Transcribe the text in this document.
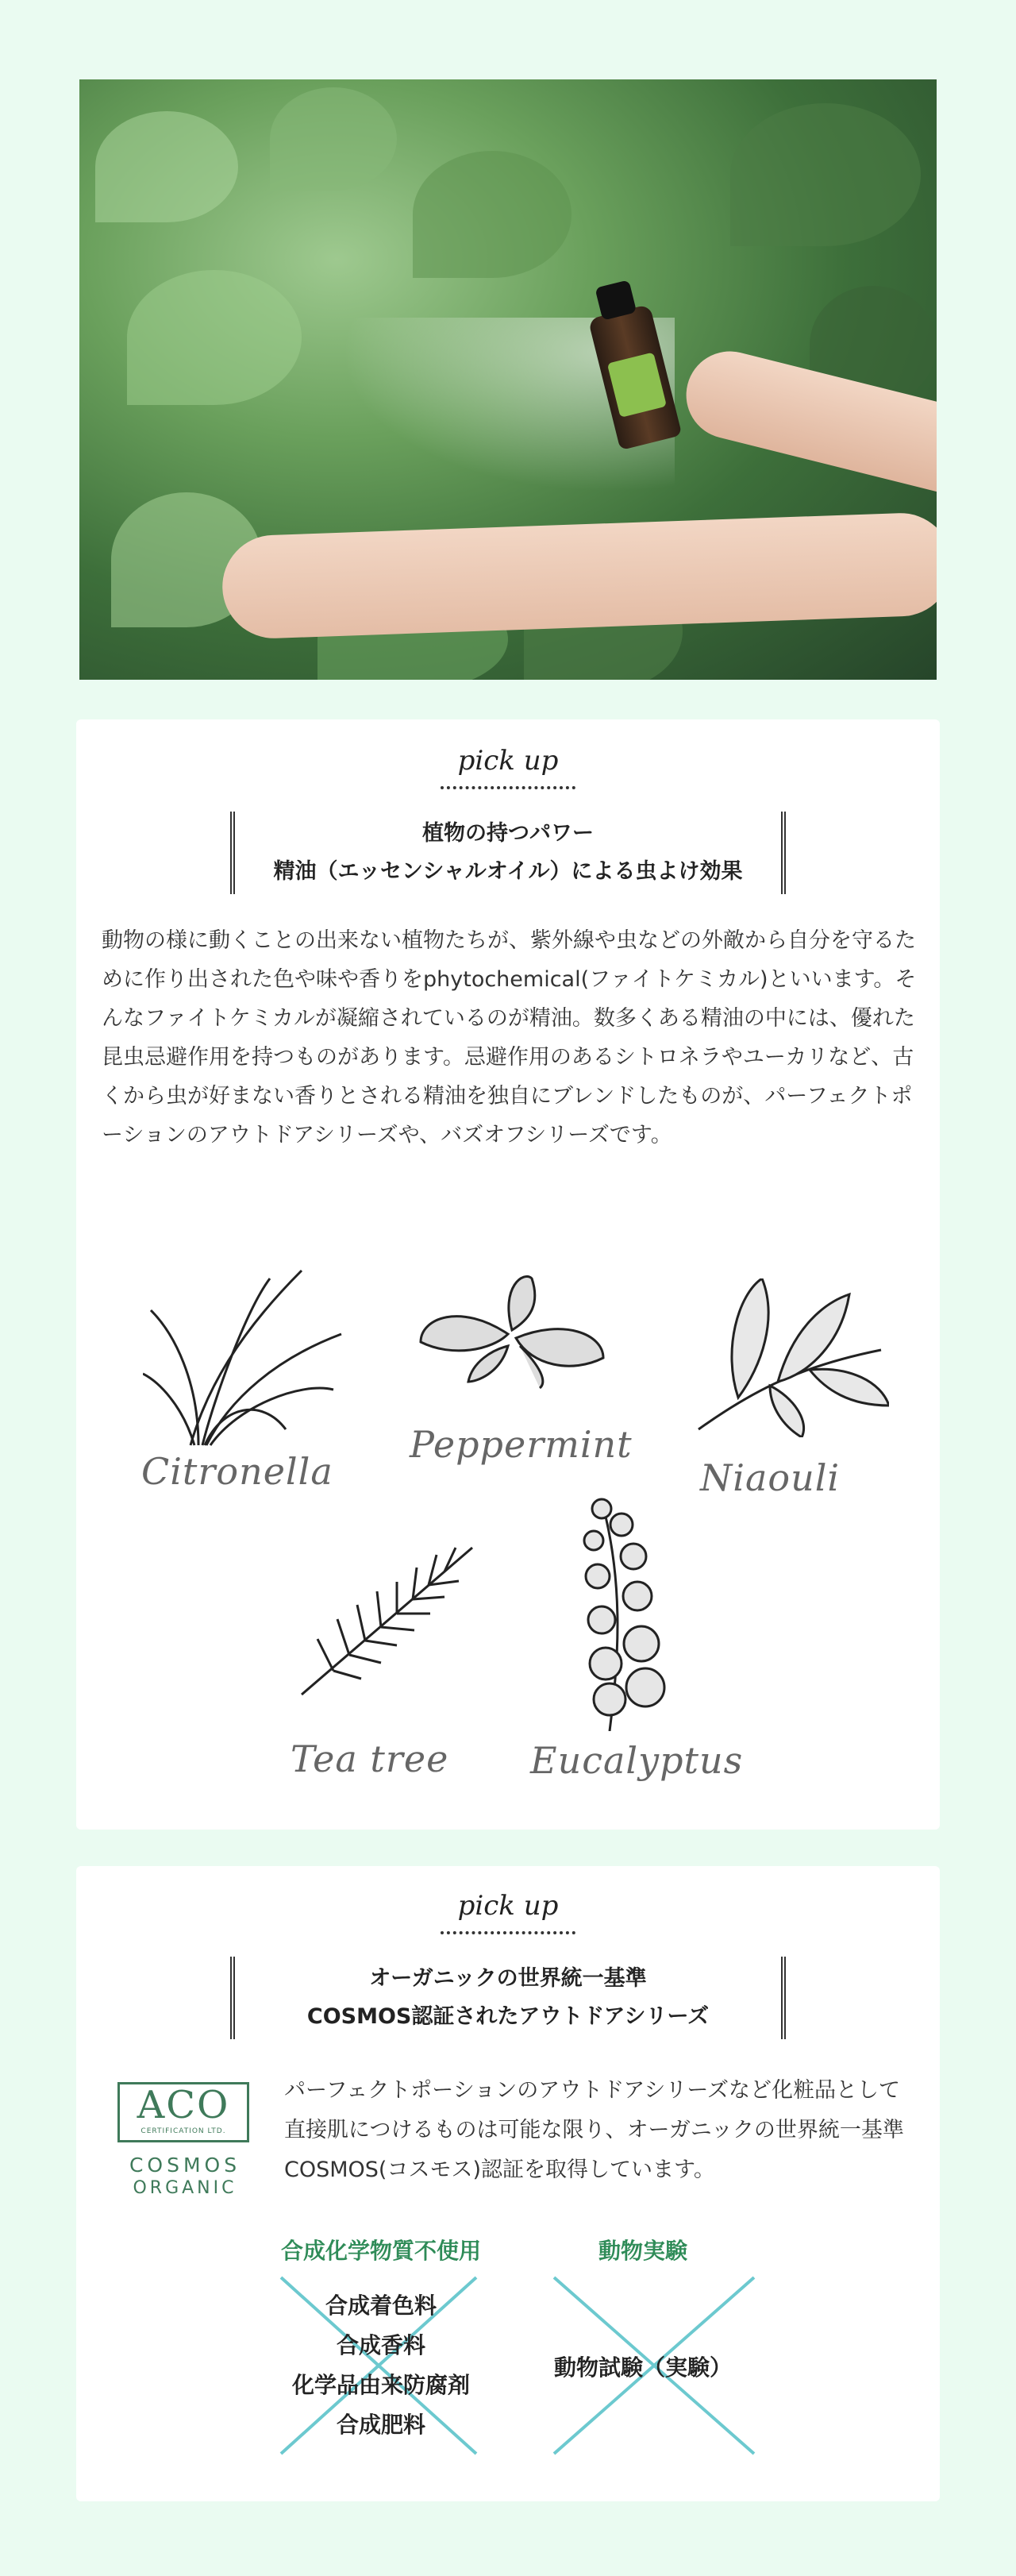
pick up
植物の持つパワー
精油（エッセンシャルオイル）による虫よけ効果
動物の様に動くことの出来ない植物たちが、紫外線や虫などの外敵から自分を守るために作り出された色や味や香りをphytochemical(ファイトケミカル)といいます。そんなファイトケミカルが凝縮されているのが精油。数多くある精油の中には、優れた昆虫忌避作用を持つものがあります。忌避作用のあるシトロネラやユーカリなど、古くから虫が好まない香りとされる精油を独自にブレンドしたものが、パーフェクトポーションのアウトドアシリーズや、バズオフシリーズです。
Citronella
Peppermint
Niaouli
Tea tree Eucalyptus
pick up
オーガニックの世界統一基準
COSMOS認証されたアウトドアシリーズ
ACO
CERTIFICATION LTD.
COSMOS
ORGANIC
パーフェクトポーションのアウトドアシリーズなど化粧品として直接肌につけるものは可能な限り、オーガニックの世界統一基準COSMOS(コスモス)認証を取得しています。
合成化学物質不使用
合成着色料
合成香料
化学品由来防腐剤
合成肥料
動物実験
動物試験（実験）
